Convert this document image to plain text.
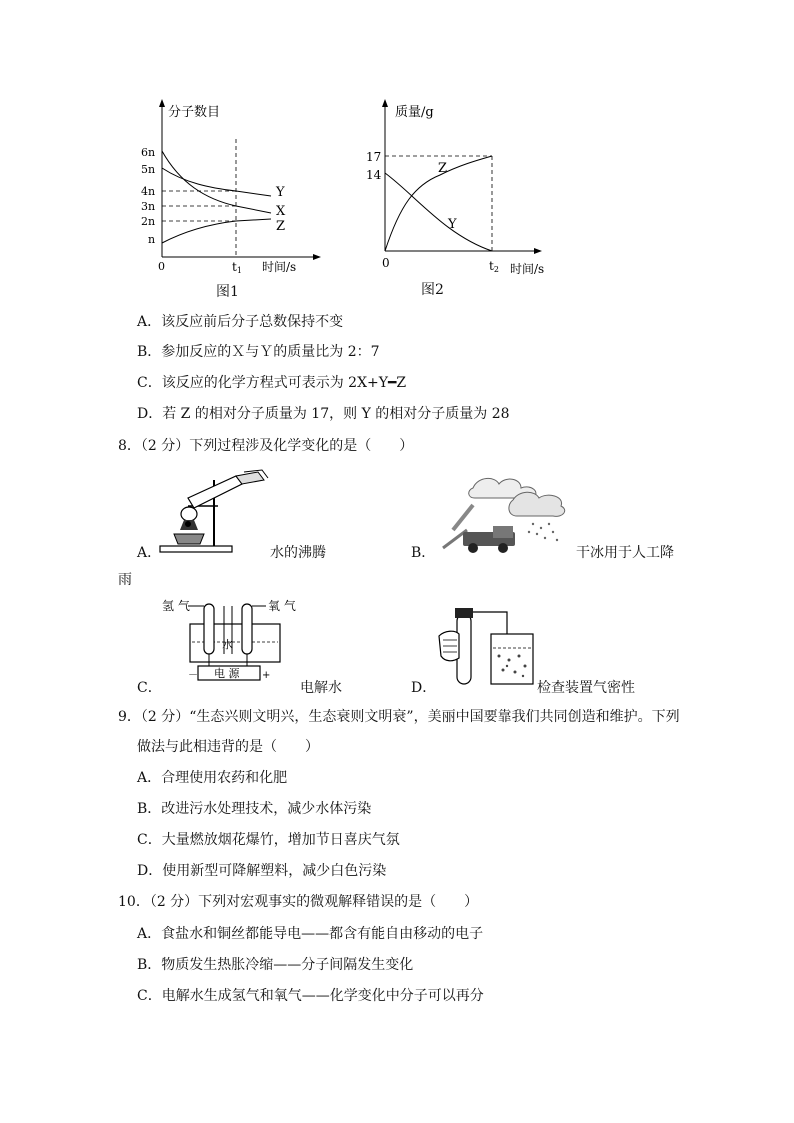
分子数目
6n
5n
4n
3n
2n
n
0	t1 时间/s
Y
X
Z
图1
质量/g
17
14
0	t2 时间/s
Z
Y
图2
A．该反应前后分子总数保持不变
B．参加反应的Ｘ与Ｙ的质量比为 2：7
C．该反应的化学方程式可表示为 2X+Y━Z
D．若 Z 的相对分子质量为 17，则 Y 的相对分子质量为 28
8．（2 分）下列过程涉及化学变化的是（　　）
A．	水的沸腾	B．	干冰用于人工降
雨
氢 气	氧 气
水
电 源
－	+
C．	电解水	D．	检查装置气密性
9．（2 分）“生态兴则文明兴，生态衰则文明衰”，美丽中国要靠我们共同创造和维护。下列
做法与此相违背的是（　　）
A．合理使用农药和化肥
B．改进污水处理技术，减少水体污染
C．大量燃放烟花爆竹，增加节日喜庆气氛
D．使用新型可降解塑料，减少白色污染
10．（2 分）下列对宏观事实的微观解释错误的是（　　）
A．食盐水和铜丝都能导电——都含有能自由移动的电子
B．物质发生热胀冷缩——分子间隔发生变化
C．电解水生成氢气和氧气——化学变化中分子可以再分
